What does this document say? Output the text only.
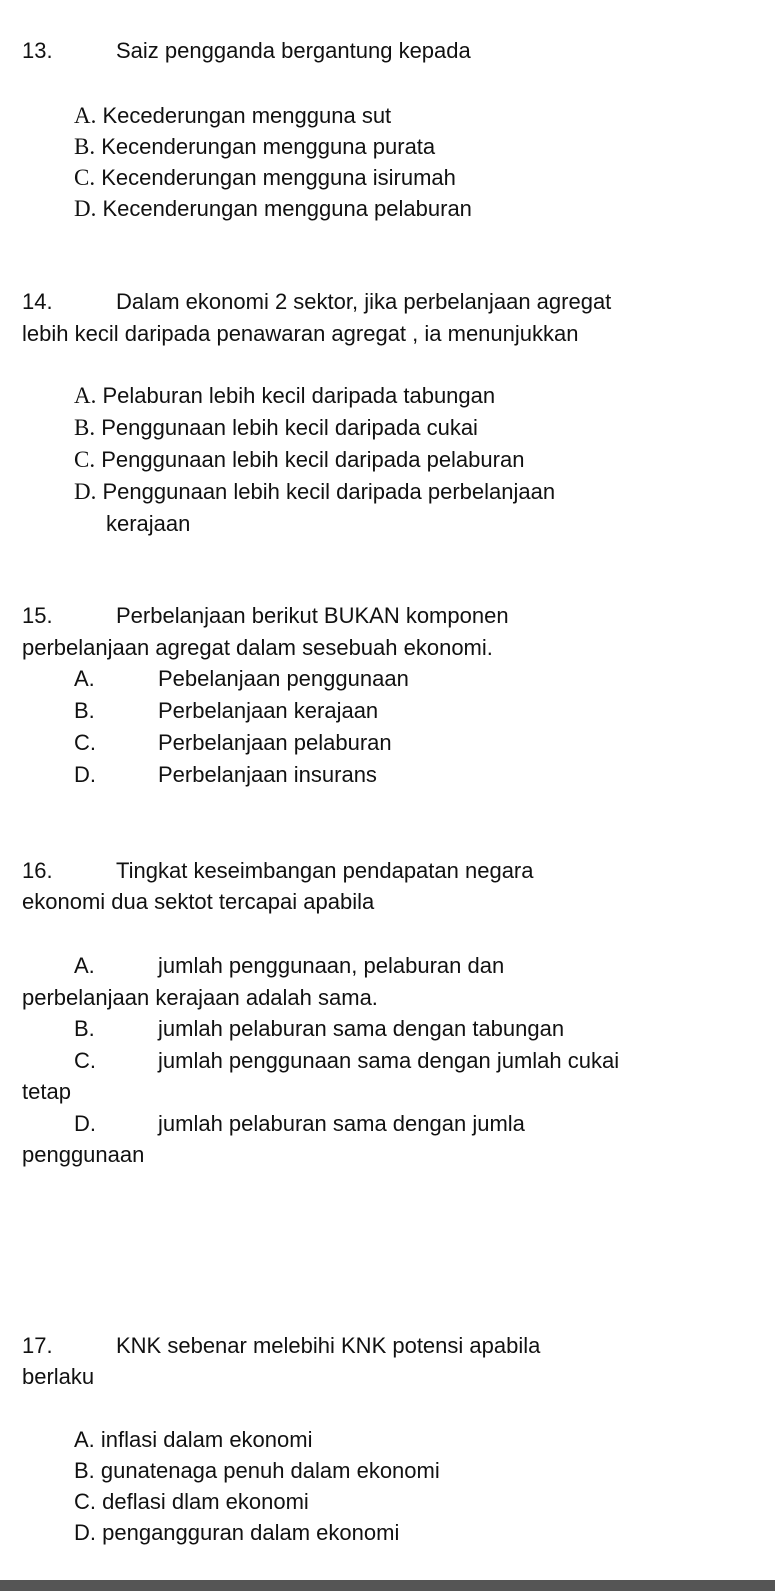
13.	Saiz pengganda bergantung kepada
A. Kecederungan mengguna sut
B. Kecenderungan mengguna purata
C. Kecenderungan mengguna isirumah
D. Kecenderungan mengguna pelaburan
14.	Dalam ekonomi 2 sektor, jika perbelanjaan agregat
lebih kecil daripada penawaran agregat , ia menunjukkan
A. Pelaburan lebih kecil daripada tabungan
B. Penggunaan lebih kecil daripada cukai
C. Penggunaan lebih kecil daripada pelaburan
D. Penggunaan lebih kecil daripada perbelanjaan
kerajaan
15.	Perbelanjaan berikut BUKAN komponen
perbelanjaan agregat dalam sesebuah ekonomi.
A.	Pebelanjaan penggunaan
B.	Perbelanjaan kerajaan
C.	Perbelanjaan pelaburan
D.	Perbelanjaan insurans
16.	Tingkat keseimbangan pendapatan negara
ekonomi dua sektot tercapai apabila
A.	jumlah penggunaan, pelaburan dan
perbelanjaan kerajaan adalah sama.
B.	jumlah pelaburan sama dengan tabungan
C.	jumlah penggunaan sama dengan jumlah cukai
tetap
D.	jumlah pelaburan sama dengan jumla
penggunaan
17.	KNK sebenar melebihi KNK potensi apabila
berlaku
A. inflasi dalam ekonomi
B. gunatenaga penuh dalam ekonomi
C. deflasi dlam ekonomi
D. pengangguran dalam ekonomi
